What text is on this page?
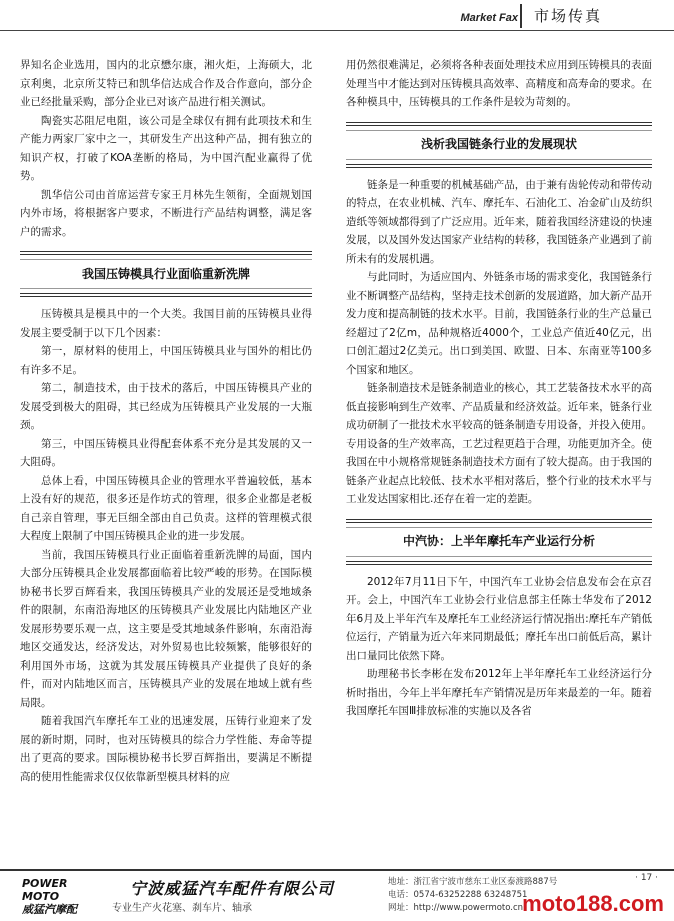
Market Fax	市场传真

界知名企业选用，国内的北京懋尔康，湘火炬，上海硕大，北京利奥，北京所艾特已和凯华信达成合作及合作意向，部分企业已经批量采购，部分企业已对该产品进行相关测试。

陶瓷实芯阻尼电阻，该公司是全球仅有拥有此项技术和生产能力两家厂家中之一，其研发生产出这种产品，拥有独立的知识产权，打破了KOA垄断的格局，为中国汽配业赢得了优势。

凯华信公司由首席运营专家王月林先生领衔，全面规划国内外市场，将根据客户要求，不断进行产品结构调整，满足客户的需求。

我国压铸模具行业面临重新洗牌

压铸模具是模具中的一个大类。我国目前的压铸模具业得发展主要受制于以下几个因素：

第一，原材料的使用上，中国压铸模具业与国外的相比仍有许多不足。

第二，制造技术，由于技术的落后，中国压铸模具产业的发展受到极大的阻碍，其已经成为压铸模具产业发展的一大瓶颈。

第三，中国压铸模具业得配套体系不充分是其发展的又一大阻碍。

总体上看，中国压铸模具企业的管理水平普遍较低，基本上没有好的规范，很多还是作坊式的管理，很多企业都是老板自己亲自管理，事无巨细全部由自己负责。这样的管理模式很大程度上限制了中国压铸模具企业的进一步发展。

当前，我国压铸模具行业正面临着重新洗牌的局面，国内大部分压铸模具企业发展都面临着比较严峻的形势。在国际模协秘书长罗百辉看来，我国压铸模具产业的发展还是受地域条件的限制，东南沿海地区的压铸模具产业发展比内陆地区产业发展形势要乐观一点，这主要是受其地域条件影响，东南沿海地区交通发达，经济发达，对外贸易也比较频繁，能够很好的利用国外市场，这就为其发展压铸模具产业提供了良好的条件，而对内陆地区而言，压铸模具产业的发展在地域上就有些局限。

随着我国汽车摩托车工业的迅速发展，压铸行业迎来了发展的新时期，同时，也对压铸模具的综合力学性能、寿命等提出了更高的要求。国际模协秘书长罗百辉指出，要满足不断提高的使用性能需求仅仅依靠新型模具材料的应

用仍然很难满足，必须将各种表面处理技术应用到压铸模具的表面处理当中才能达到对压铸模具高效率、高精度和高寿命的要求。在各种模具中，压铸模具的工作条件是较为苛刻的。

浅析我国链条行业的发展现状

链条是一种重要的机械基础产品，由于兼有齿轮传动和带传动的特点，在农业机械、汽车、摩托车、石油化工、冶金矿山及纺织造纸等领域都得到了广泛应用。近年来，随着我国经济建设的快速发展，以及国外发达国家产业结构的转移，我国链条产业遇到了前所未有的发展机遇。

与此同时，为适应国内、外链条市场的需求变化，我国链条行业不断调整产品结构，坚持走技术创新的发展道路，加大新产品开发力度和提高制链的技术水平。目前，我国链条行业的生产总量已经超过了2亿m，品种规格近4000个，工业总产值近40亿元，出口创汇超过2亿美元。出口到美国、欧盟、日本、东南亚等100多个国家和地区。

链条制造技术是链条制造业的核心，其工艺装备技术水平的高低直接影响到生产效率、产品质量和经济效益。近年来，链条行业成功研制了一批技术水平较高的链条制造专用设备，并投入使用。专用设备的生产效率高，工艺过程更趋于合理，功能更加齐全。使我国在中小规格常规链条制造技术方面有了较大提高。由于我国的链条产业起点比较低、技术水平相对落后，整个行业的技术水平与工业发达国家相比.还存在着一定的差距。

中汽协：上半年摩托车产业运行分析

2012年7月11日下午，中国汽车工业协会信息发布会在京召开。会上，中国汽车工业协会行业信息部主任陈士华发布了2012年6月及上半年汽车及摩托车工业经济运行情况指出:摩托车产销低位运行，产销量为近六年来同期最低；摩托车出口前低后高，累计出口量同比依然下降。

助理秘书长李彬在发布2012年上半年摩托车工业经济运行分析时指出，今年上半年摩托车产销情况是历年来最差的一年。随着我国摩托车国Ⅲ排放标准的实施以及各省

POWER MOTO
威猛汽摩配
宁波威猛汽车配件有限公司
专业生产火花塞、刹车片、轴承
地址：浙江省宁波市慈东工业区泰渡路887号
电话：0574-63252288 63248751
网址：http://www.powermoto.cn
· 17 ·
moto188.com
